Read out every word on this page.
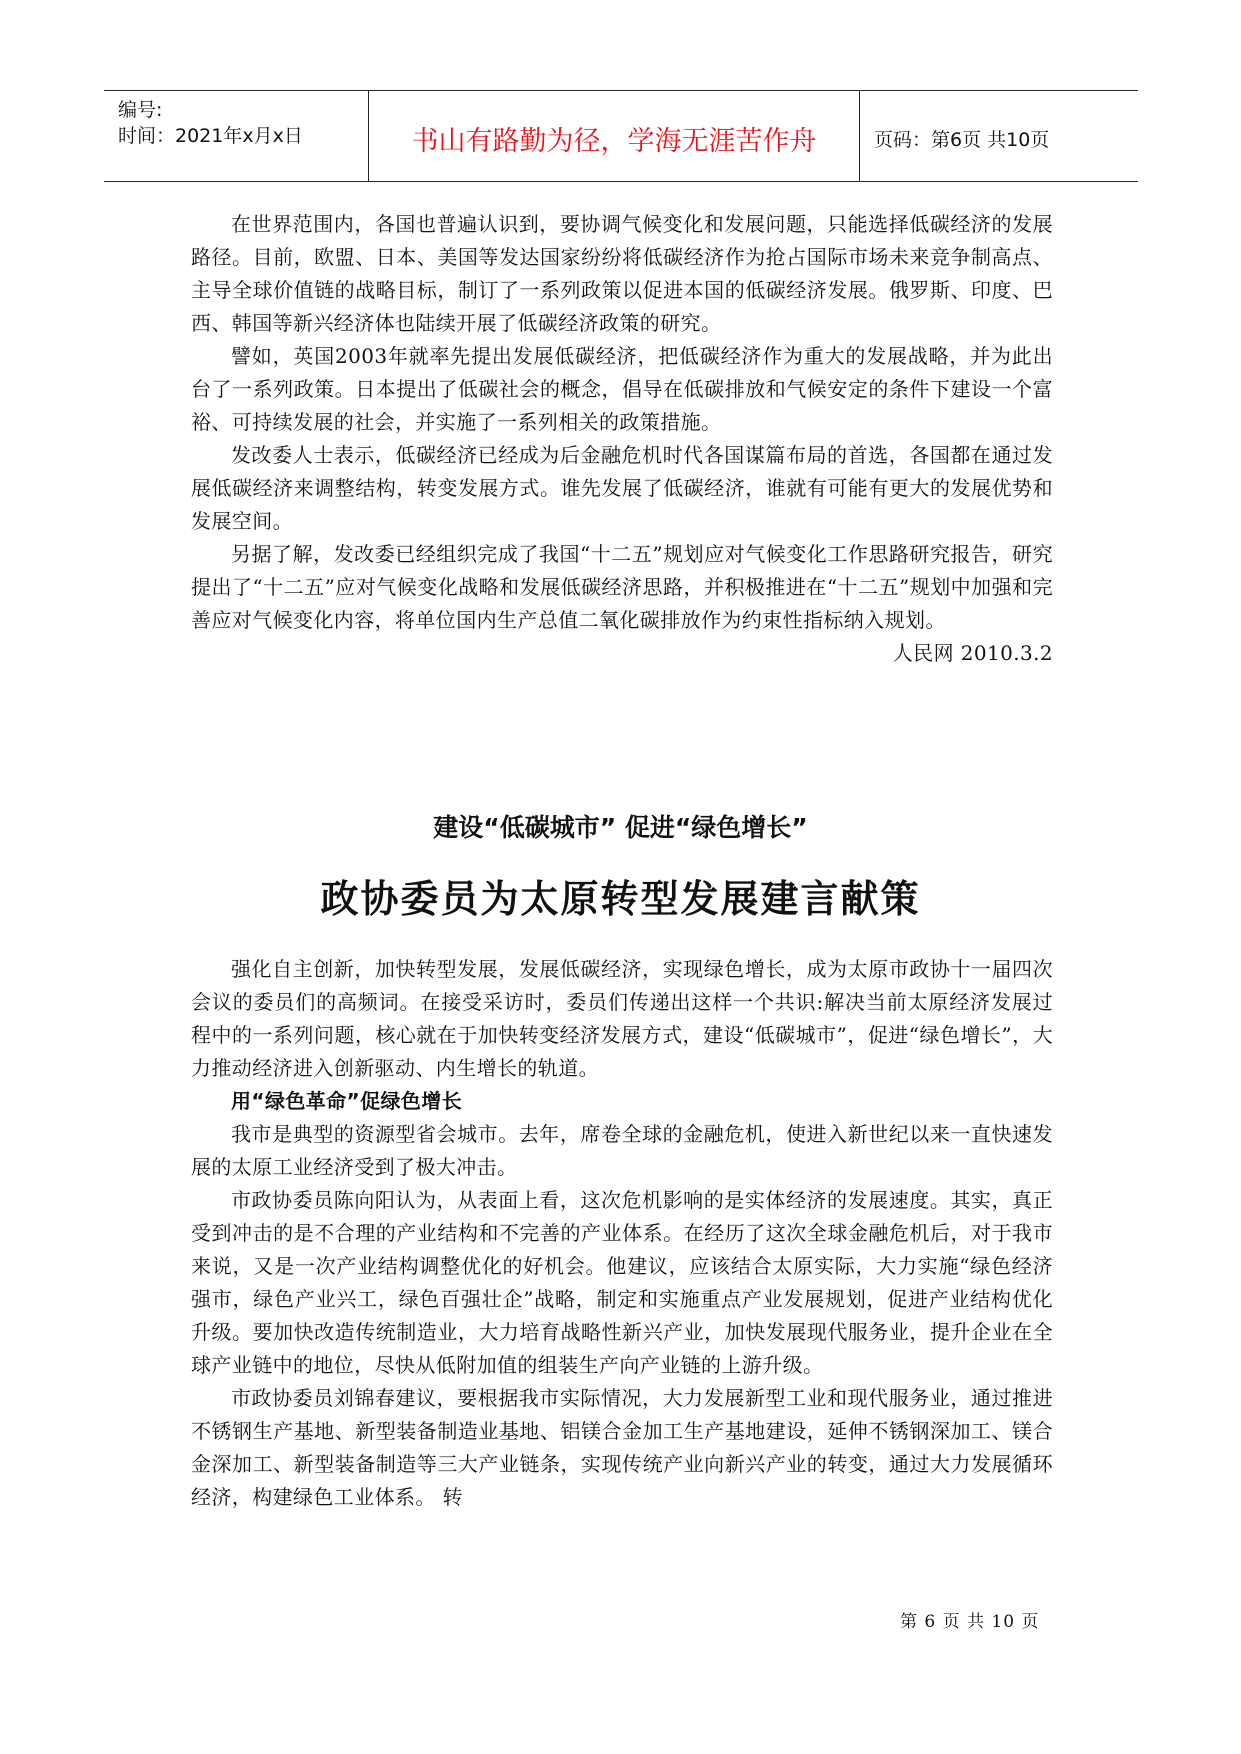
编号:
时间：2021年x月x日	书山有路勤为径，学海无涯苦作舟	页码：第6页 共10页

在世界范围内，各国也普遍认识到，要协调气候变化和发展问题，只能选择低碳经济的发展路径。目前，欧盟、日本、美国等发达国家纷纷将低碳经济作为抢占国际市场未来竞争制高点、主导全球价值链的战略目标，制订了一系列政策以促进本国的低碳经济发展。俄罗斯、印度、巴西、韩国等新兴经济体也陆续开展了低碳经济政策的研究。

譬如，英国2003年就率先提出发展低碳经济，把低碳经济作为重大的发展战略，并为此出台了一系列政策。日本提出了低碳社会的概念，倡导在低碳排放和气候安定的条件下建设一个富裕、可持续发展的社会，并实施了一系列相关的政策措施。

发改委人士表示，低碳经济已经成为后金融危机时代各国谋篇布局的首选，各国都在通过发展低碳经济来调整结构，转变发展方式。谁先发展了低碳经济，谁就有可能有更大的发展优势和发展空间。

另据了解，发改委已经组织完成了我国“十二五”规划应对气候变化工作思路研究报告，研究提出了“十二五”应对气候变化战略和发展低碳经济思路，并积极推进在“十二五”规划中加强和完善应对气候变化内容，将单位国内生产总值二氧化碳排放作为约束性指标纳入规划。

人民网 2010.3.2

建设“低碳城市” 促进“绿色增长”
政协委员为太原转型发展建言献策

强化自主创新，加快转型发展，发展低碳经济，实现绿色增长，成为太原市政协十一届四次会议的委员们的高频词。在接受采访时，委员们传递出这样一个共识:解决当前太原经济发展过程中的一系列问题，核心就在于加快转变经济发展方式，建设“低碳城市”，促进“绿色增长”，大力推动经济进入创新驱动、内生增长的轨道。

用“绿色革命”促绿色增长

我市是典型的资源型省会城市。去年，席卷全球的金融危机，使进入新世纪以来一直快速发展的太原工业经济受到了极大冲击。

市政协委员陈向阳认为，从表面上看，这次危机影响的是实体经济的发展速度。其实，真正受到冲击的是不合理的产业结构和不完善的产业体系。在经历了这次全球金融危机后，对于我市来说，又是一次产业结构调整优化的好机会。他建议，应该结合太原实际，大力实施“绿色经济强市，绿色产业兴工，绿色百强壮企”战略，制定和实施重点产业发展规划，促进产业结构优化升级。要加快改造传统制造业，大力培育战略性新兴产业，加快发展现代服务业，提升企业在全球产业链中的地位，尽快从低附加值的组装生产向产业链的上游升级。

市政协委员刘锦春建议，要根据我市实际情况，大力发展新型工业和现代服务业，通过推进不锈钢生产基地、新型装备制造业基地、铝镁合金加工生产基地建设，延伸不锈钢深加工、镁合金深加工、新型装备制造等三大产业链条，实现传统产业向新兴产业的转变，通过大力发展循环经济，构建绿色工业体系。 转

第 6 页 共 10 页
